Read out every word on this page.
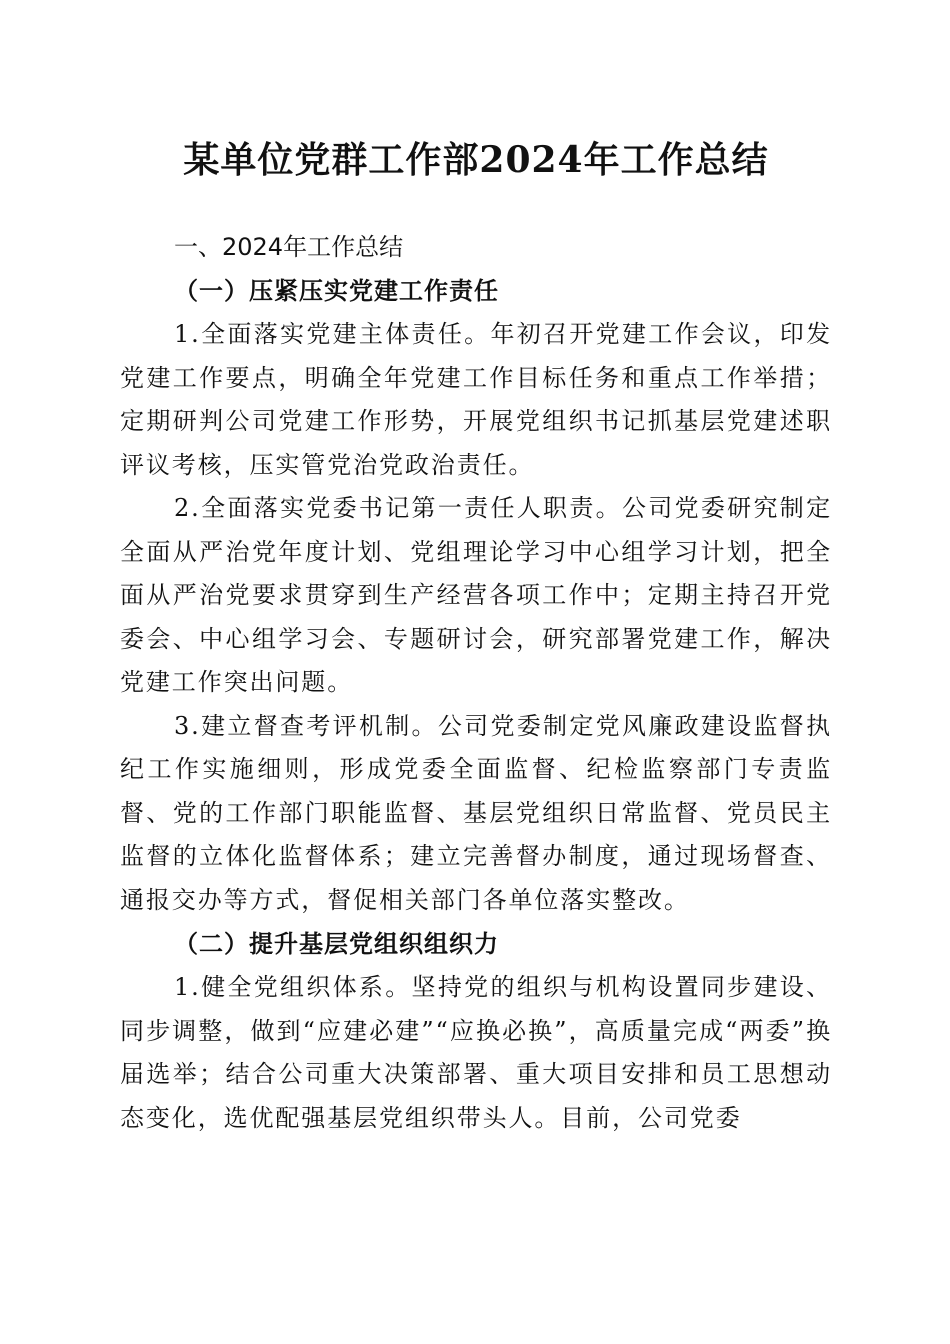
某单位党群工作部2024年工作总结
一、2024年工作总结
（一）压紧压实党建工作责任

1.全面落实党建主体责任。年初召开党建工作会议，印发党建工作要点，明确全年党建工作目标任务和重点工作举措；定期研判公司党建工作形势，开展党组织书记抓基层党建述职评议考核，压实管党治党政治责任。

2.全面落实党委书记第一责任人职责。公司党委研究制定全面从严治党年度计划、党组理论学习中心组学习计划，把全面从严治党要求贯穿到生产经营各项工作中；定期主持召开党委会、中心组学习会、专题研讨会，研究部署党建工作，解决党建工作突出问题。

3.建立督查考评机制。公司党委制定党风廉政建设监督执纪工作实施细则，形成党委全面监督、纪检监察部门专责监督、党的工作部门职能监督、基层党组织日常监督、党员民主监督的立体化监督体系；建立完善督办制度，通过现场督查、通报交办等方式，督促相关部门各单位落实整改。

（二）提升基层党组织组织力

1.健全党组织体系。坚持党的组织与机构设置同步建设、同步调整，做到“应建必建”“应换必换”，高质量完成“两委”换届选举；结合公司重大决策部署、重大项目安排和员工思想动态变化，选优配强基层党组织带头人。目前，公司党委
